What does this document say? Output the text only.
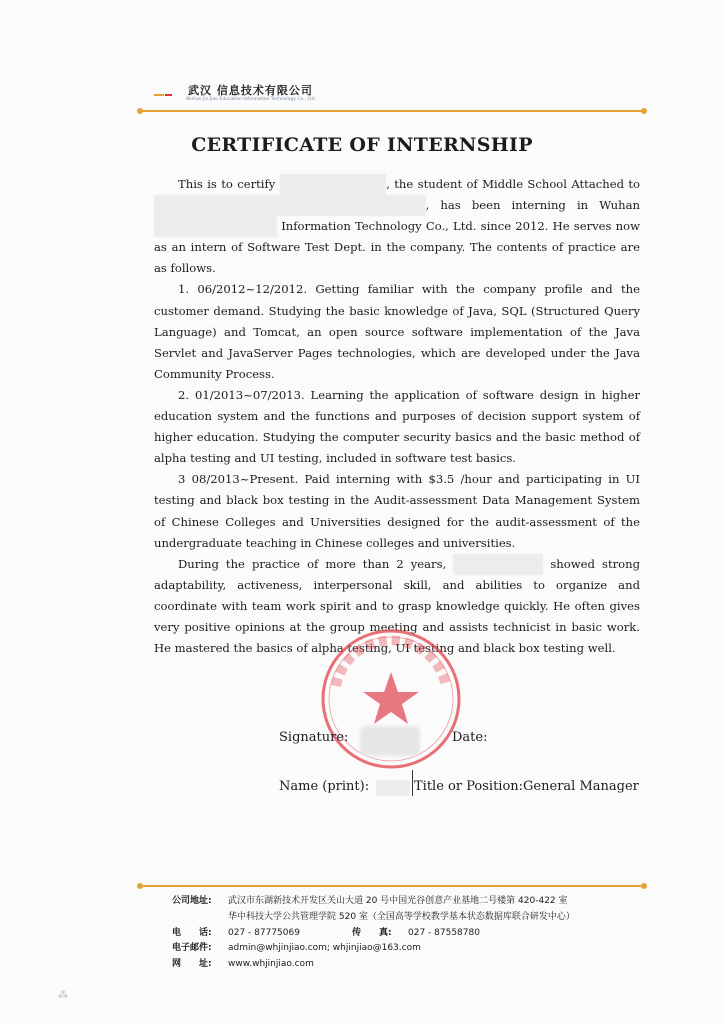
武汉 信息技术有限公司
Wuhan Jin Jiao Education Information Technology Co., Ltd.
CERTIFICATE OF INTERNSHIP

This is to certify XXXXXXXXXX, the student of Middle School Attached to XXXXXXXXXXXXXXXXXXXXXXXXXXXXXX, has been interning in Wuhan XXXXXXXXXXXX Information Technology Co., Ltd. since 2012. He serves now as an intern of Software Test Dept. in the company. The contents of practice are as follows.

1. 06/2012~12/2012. Getting familiar with the company profile and the customer demand. Studying the basic knowledge of Java, SQL (Structured Query Language) and Tomcat, an open source software implementation of the Java Servlet and JavaServer Pages technologies, which are developed under the Java Community Process.

2. 01/2013~07/2013. Learning the application of software design in higher education system and the functions and purposes of decision support system of higher education. Studying the computer security basics and the basic method of alpha testing and UI testing, included in software test basics.

3 08/2013~Present. Paid interning with $3.5 /hour and participating in UI testing and black box testing in the Audit-assessment Data Management System of Chinese Colleges and Universities designed for the audit-assessment of the undergraduate teaching in Chinese colleges and universities.

During the practice of more than 2 years,	XXXXXXXX showed strong adaptability, activeness, interpersonal skill, and abilities to organize and coordinate with team work spirit and to grasp knowledge quickly. He often gives very positive opinions at the group meeting and assists technicist in basic work. He mastered the basics of alpha testing, UI testing and black box testing well.

Signature:	Date:
Name (print):	Title or Position:General Manager
公司地址:	武汉市东湖新技术开发区关山大道 20 号中国光谷创意产业基地二号楼第 420-422 室
华中科技大学公共管理学院 520 室（全国高等学校教学基本状态数据库联合研发中心）
电　　话:	027 - 87775069	传　　真:	027 - 87558780
电子邮件:	admin@whjinjiao.com; whjinjiao@163.com
网　　址:	www.whjinjiao.com
⁂
